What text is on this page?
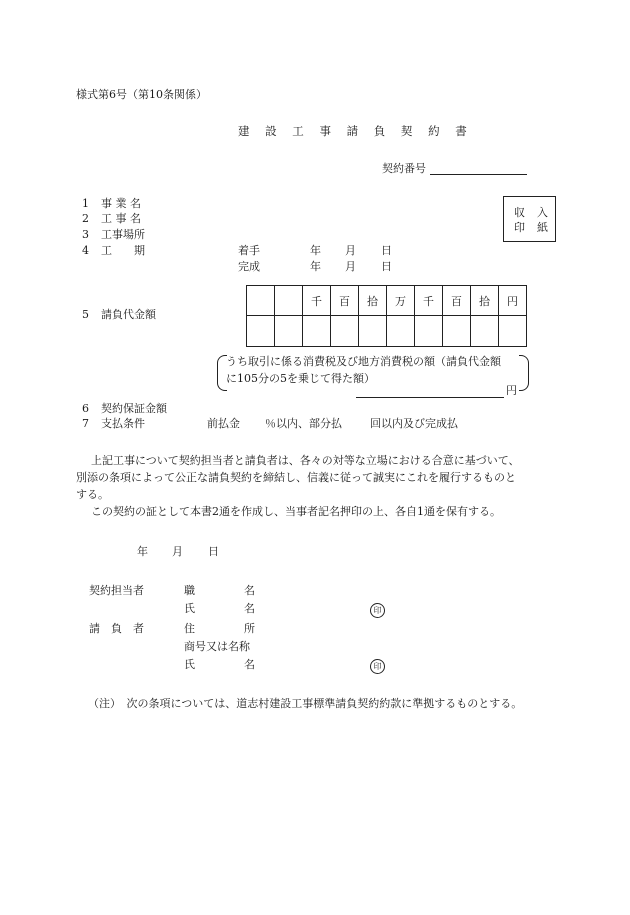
様式第6号（第10条関係）
建 設 工 事 請 負 契 約 書
契約番号
収 入
印 紙
1 事 業 名
2 工 事 名
3 工事場所
4 工　　期	着手	年 月 日
完成	年 月 日
5 請負代金額
		千	百	拾	万	千	百	拾	円

うち取引に係る消費税及び地方消費税の額（請負代金額
に105分の5を乗じて得た額）
円
6 契約保証金額
7 支払条件	前払金 ％以内、部分払	回以内及び完成払
上記工事について契約担当者と請負者は、各々の対等な立場における合意に基づいて、
別添の条項によって公正な請負契約を締結し、信義に従って誠実にこれを履行するものと
する。
この契約の証として本書2通を作成し、当事者記名押印の上、各自1通を保有する。
年 月 日
契約担当者	職	名
氏	名	印
請　負　者	住	所
商号又は名称
氏	名	印
（注）　次の条項については、道志村建設工事標準請負契約約款に準拠するものとする。
